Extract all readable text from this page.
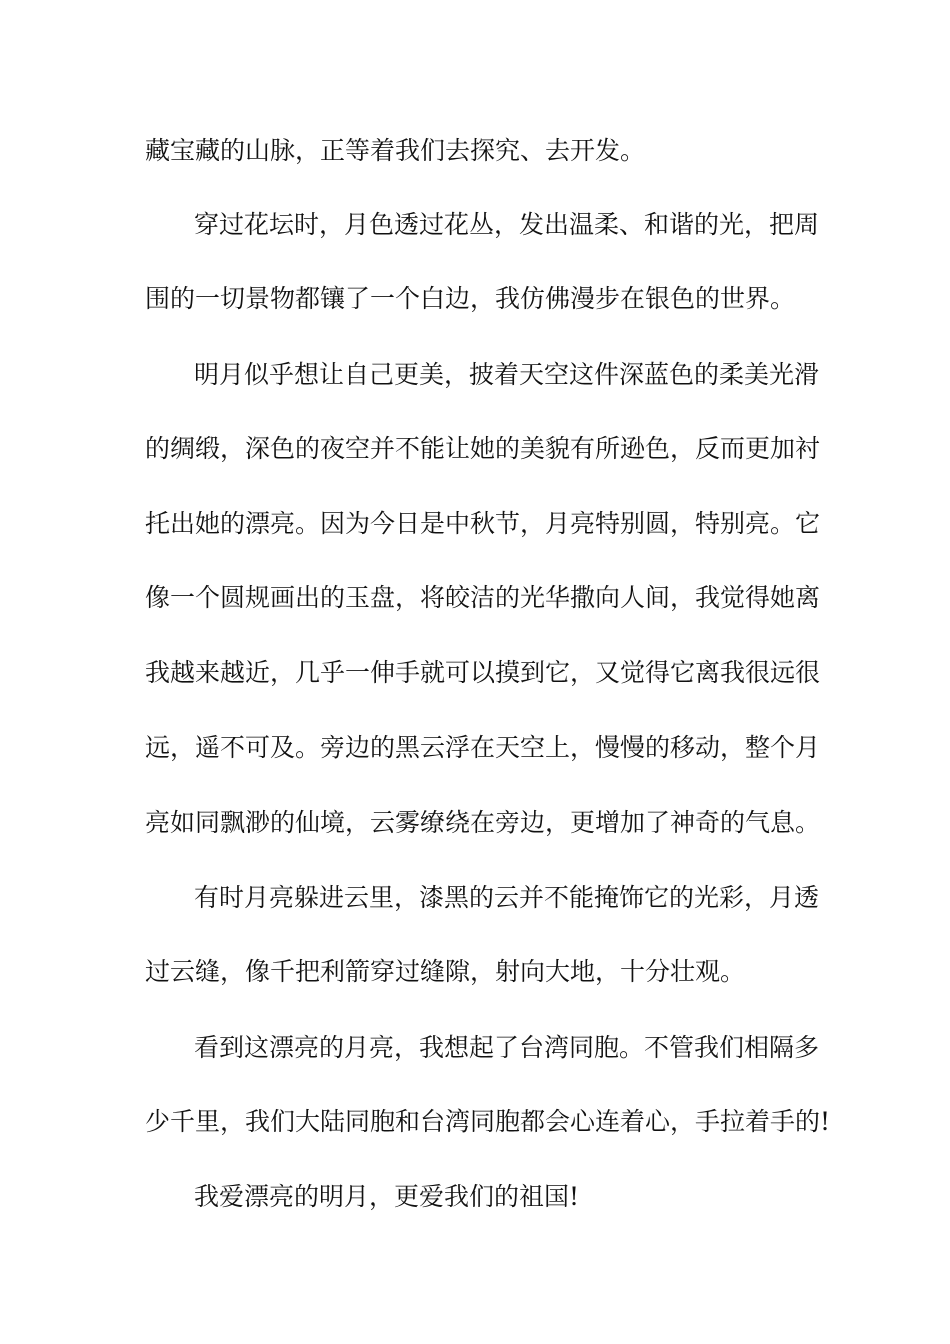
藏宝藏的山脉，正等着我们去探究、去开发。
穿过花坛时，月色透过花丛，发出温柔、和谐的光，把周
围的一切景物都镶了一个白边，我仿佛漫步在银色的世界。
明月似乎想让自己更美，披着天空这件深蓝色的柔美光滑
的绸缎，深色的夜空并不能让她的美貌有所逊色，反而更加衬
托出她的漂亮。因为今日是中秋节，月亮特别圆，特别亮。它
像一个圆规画出的玉盘，将皎洁的光华撒向人间，我觉得她离
我越来越近，几乎一伸手就可以摸到它，又觉得它离我很远很
远，遥不可及。旁边的黑云浮在天空上，慢慢的移动，整个月
亮如同飘渺的仙境，云雾缭绕在旁边，更增加了神奇的气息。
有时月亮躲进云里，漆黑的云并不能掩饰它的光彩，月透
过云缝，像千把利箭穿过缝隙，射向大地，十分壮观。
看到这漂亮的月亮，我想起了台湾同胞。不管我们相隔多
少千里，我们大陆同胞和台湾同胞都会心连着心，手拉着手的!
我爱漂亮的明月，更爱我们的祖国!
